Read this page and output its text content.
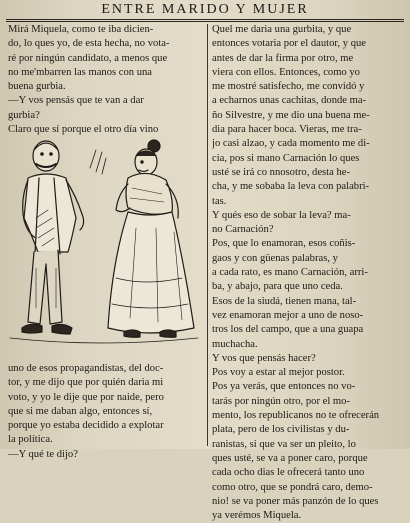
ENTRE MARIDO Y MUJER

Mirá Miquela, como te iba dicien-

do, lo ques yo, de esta hecha, no vota-

ré por ningún candidato, a menos que

no me'mbarren las manos con una

buena gurbia.

—Y vos pensás que te van a dar

gurbia?

Claro que sí porque el otro día vino

uno de esos propagandistas, del doc-

tor, y me dijo que por quién daria mi

voto, y yo le dije que por naide, pero

que si me daban algo, entonces sí,

porque yo estaba decidido a explotar

la política.

—Y qué te dijo?

Quel me daria una gurbita, y que

entonces votaria por el dautor, y que

antes de dar la firma por otro, me

viera con ellos. Entonces, como yo

me mostré satisfecho, me convidó y

a echarnos unas cachitas, donde ma-

ño Silvestre, y me dio una buena me-

dia para hacer boca. Vieras, me tra-

jo casi alzao, y cada momento me di-

cia, pos si mano Carnación lo ques

usté se irá co nnosotro, desta he-

cha, y me sobaba la leva con palabri-

tas.

Y qués eso de sobar la leva? ma-

no Carnación?

Pos, que lo enamoran, esos coñis-

gaos y con güenas palabras, y

a cada rato, es mano Carnación, arri-

ba, y abajo, para que uno ceda.

Esos de la siudá, tienen mana, tal-

vez enamoran mejor a uno de noso-

tros los del campo, que a una guapa

muchacha.

Y vos que pensás hacer?

Pos voy a estar al mejor postor.

Pos ya verás, que entonces no vo-

tarás por ningún otro, por el mo-

mento, los republicanos no te ofrecerán

plata, pero de los civilistas y du-

ranistas, si que va ser un pleito, lo

ques usté, se va a poner caro, porque

cada ocho dias le ofrecerá tanto uno

como otro, que se pondrá caro, demo-

nio! se va poner más panzón de lo ques

ya verémos Miquela.
